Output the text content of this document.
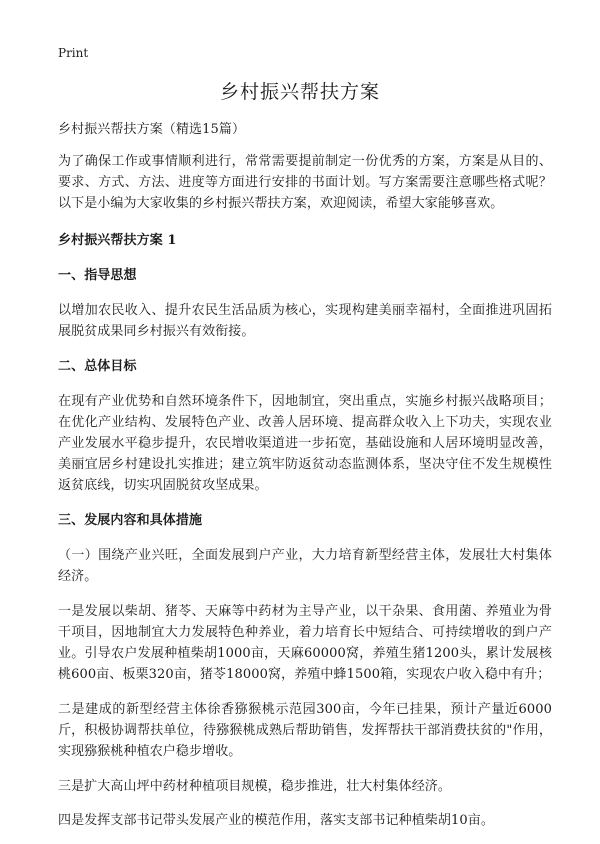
Print
乡村振兴帮扶方案

乡村振兴帮扶方案（精选15篇）

为了确保工作或事情顺利进行，常常需要提前制定一份优秀的方案，方案是从目的、要求、方式、方法、进度等方面进行安排的书面计划。写方案需要注意哪些格式呢？以下是小编为大家收集的乡村振兴帮扶方案，欢迎阅读，希望大家能够喜欢。

乡村振兴帮扶方案 1

一、指导思想

以增加农民收入、提升农民生活品质为核心，实现构建美丽幸福村，全面推进巩固拓展脱贫成果同乡村振兴有效衔接。

二、总体目标

在现有产业优势和自然环境条件下，因地制宜，突出重点，实施乡村振兴战略项目；在优化产业结构、发展特色产业、改善人居环境、提高群众收入上下功夫，实现农业产业发展水平稳步提升，农民增收渠道进一步拓宽，基础设施和人居环境明显改善，美丽宜居乡村建设扎实推进；建立筑牢防返贫动态监测体系，坚决守住不发生规模性返贫底线，切实巩固脱贫攻坚成果。

三、发展内容和具体措施

（一）围绕产业兴旺，全面发展到户产业，大力培育新型经营主体，发展壮大村集体经济。

一是发展以柴胡、猪苓、天麻等中药材为主导产业，以干杂果、食用菌、养殖业为骨干项目，因地制宜大力发展特色种养业，着力培育长中短结合、可持续增收的到户产业。引导农户发展种植柴胡1000亩，天麻60000窝，养殖生猪1200头，累计发展核桃600亩、板栗320亩，猪苓18000窝，养殖中蜂1500箱，实现农户收入稳中有升；

二是建成的新型经营主体徐香猕猴桃示范园300亩，今年已挂果，预计产量近6000斤，积极协调帮扶单位，待猕猴桃成熟后帮助销售，发挥帮扶干部消费扶贫的"作用，实现猕猴桃种植农户稳步增收。

三是扩大高山坪中药材种植项目规模，稳步推进，壮大村集体经济。

四是发挥支部书记带头发展产业的模范作用，落实支部书记种植柴胡10亩。
